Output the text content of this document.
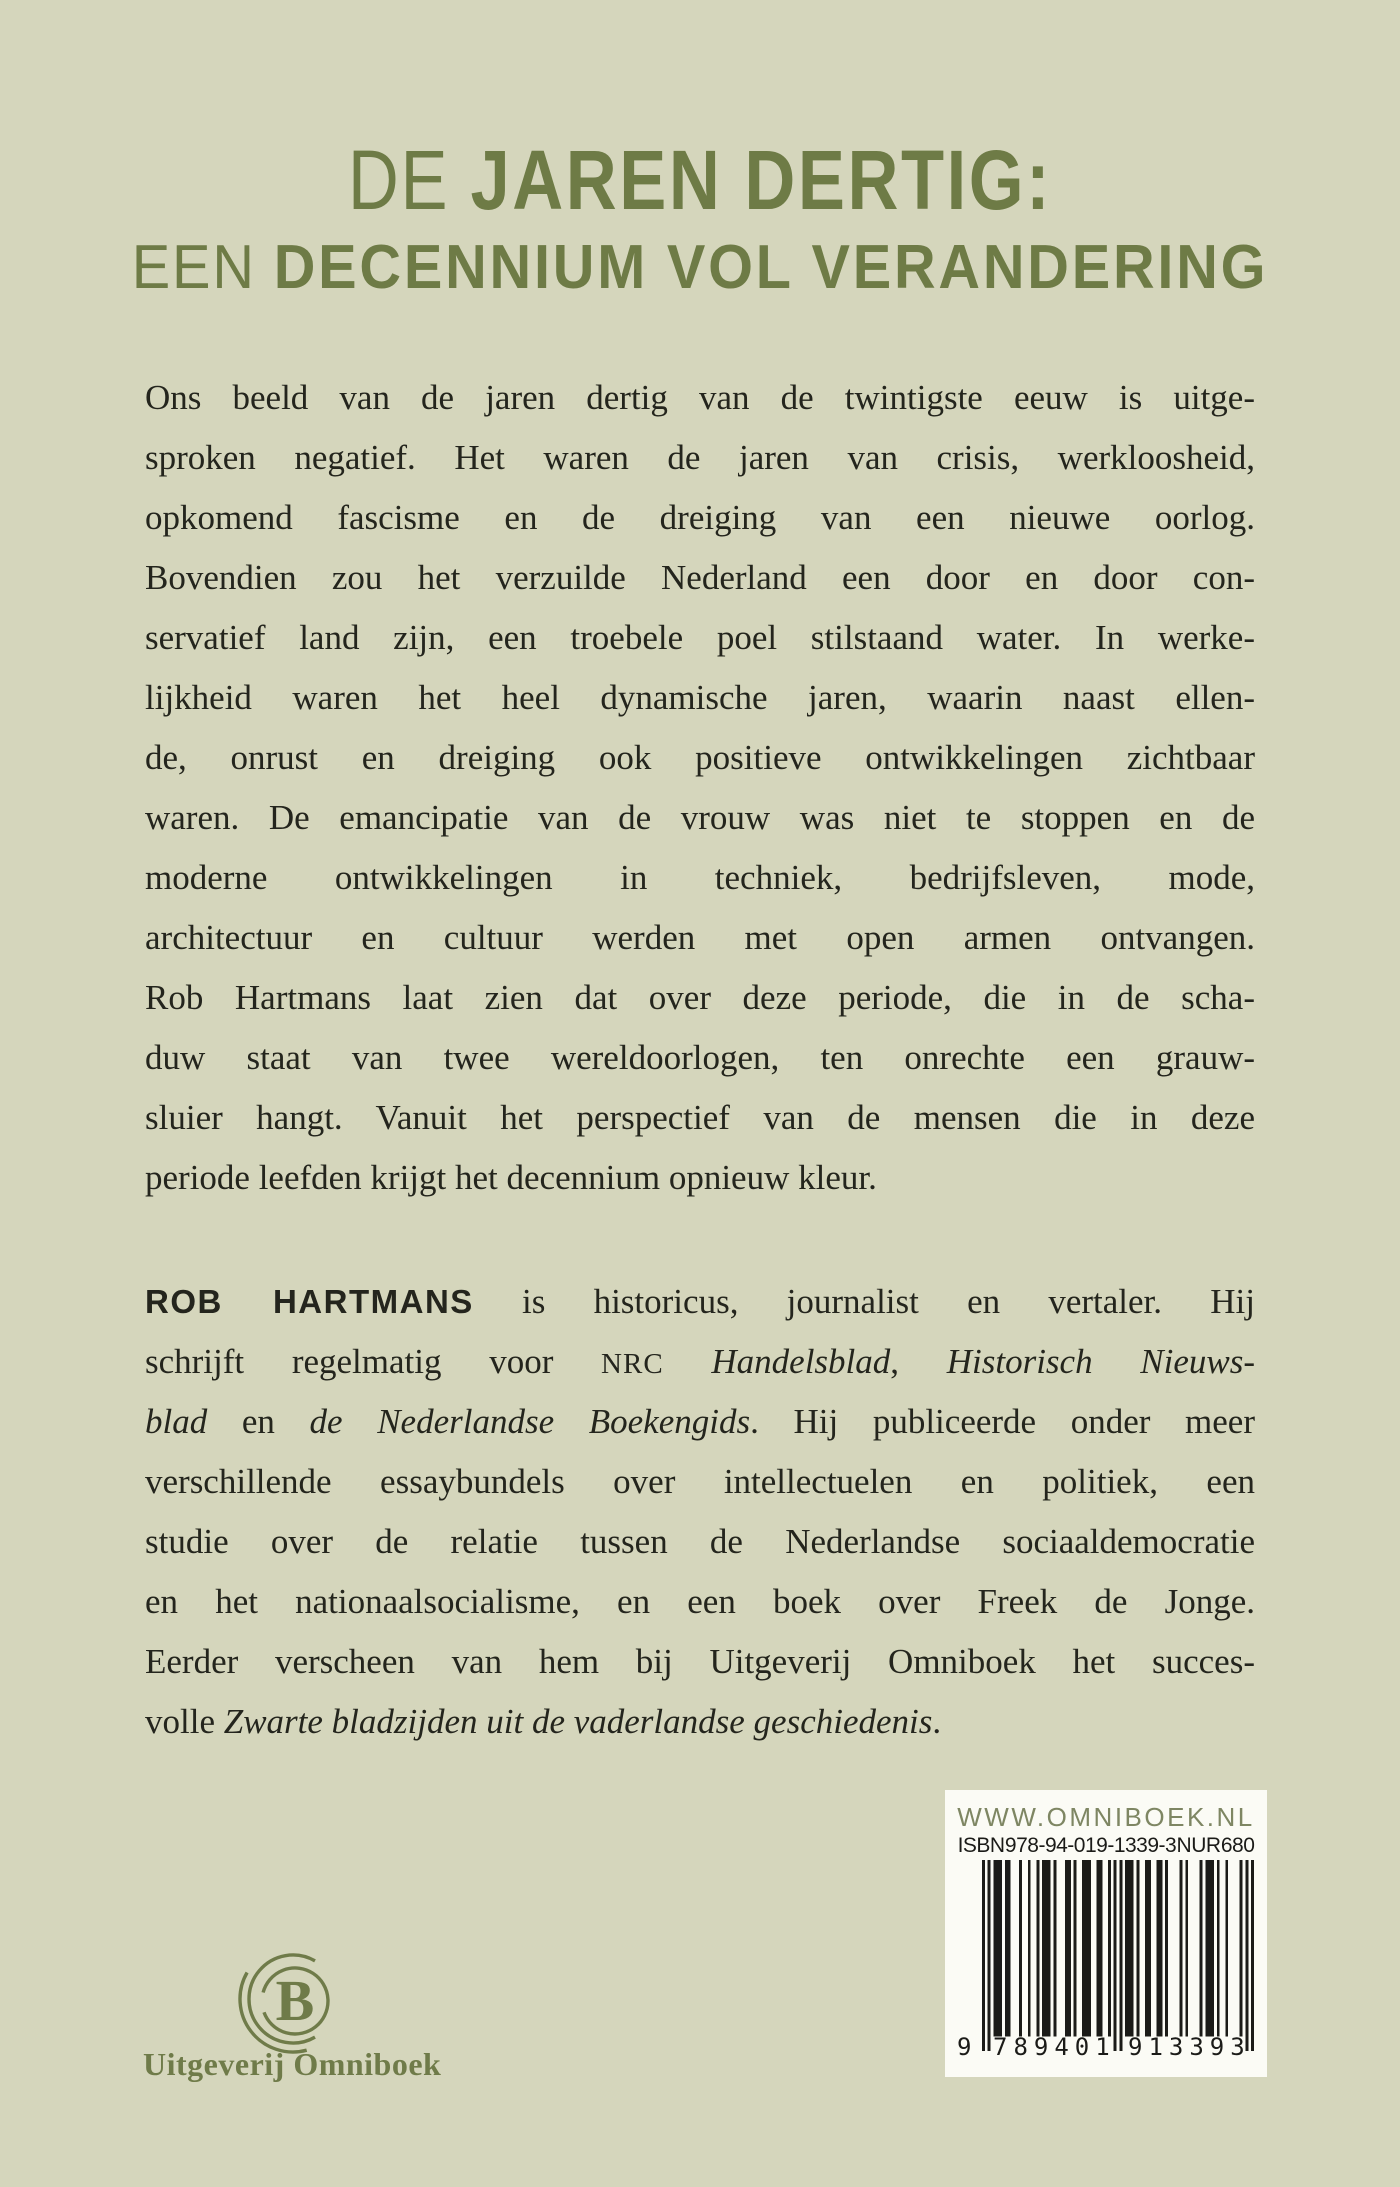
DE JAREN DERTIG:
EEN DECENNIUM VOL VERANDERING
Ons beeld van de jaren dertig van de twintigste eeuw is uitge-
sproken negatief. Het waren de jaren van crisis, werkloosheid,
opkomend fascisme en de dreiging van een nieuwe oorlog.
Bovendien zou het verzuilde Nederland een door en door con-
servatief land zijn, een troebele poel stilstaand water. In werke-
lijkheid waren het heel dynamische jaren, waarin naast ellen-
de, onrust en dreiging ook positieve ontwikkelingen zichtbaar
waren. De emancipatie van de vrouw was niet te stoppen en de
moderne ontwikkelingen in techniek, bedrijfsleven, mode,
architectuur en cultuur werden met open armen ontvangen.
Rob Hartmans laat zien dat over deze periode, die in de scha-
duw staat van twee wereldoorlogen, ten onrechte een grauw-
sluier hangt. Vanuit het perspectief van de mensen die in deze
periode leefden krijgt het decennium opnieuw kleur.
ROB HARTMANS is historicus, journalist en vertaler. Hij
schrijft regelmatig voor NRC Handelsblad, Historisch Nieuws-
blad en de Nederlandse Boekengids. Hij publiceerde onder meer
verschillende essaybundels over intellectuelen en politiek, een
studie over de relatie tussen de Nederlandse sociaaldemocratie
en het nationaalsocialisme, en een boek over Freek de Jonge.
Eerder verscheen van hem bij Uitgeverij Omniboek het succes-
volle Zwarte bladzijden uit de vaderlandse geschiedenis.
B
Uitgeverij Omniboek
WWW.OMNIBOEK.NL
ISBN 978-94-019-1339-3 NUR 680
9 789401 913393
